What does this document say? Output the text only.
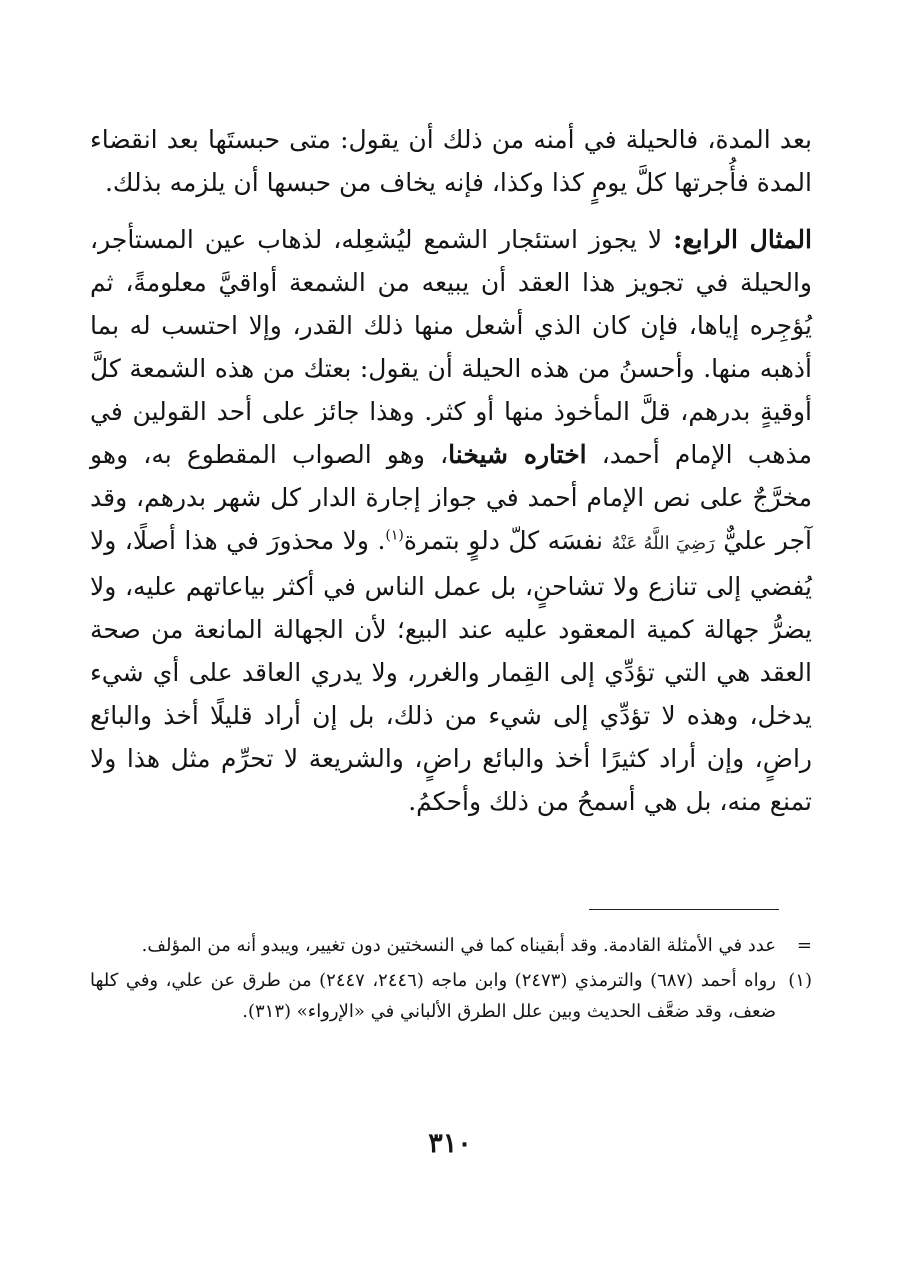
بعد المدة، فالحيلة في أمنه من ذلك أن يقول: متى حبستَها بعد انقضاء المدة فأُجرتها كلَّ يومٍ كذا وكذا، فإنه يخاف من حبسها أن يلزمه بذلك.

المثال الرابع: لا يجوز استئجار الشمع ليُشعِله، لذهاب عين المستأجر، والحيلة في تجويز هذا العقد أن يبيعه من الشمعة أواقيَّ معلومةً، ثم يُؤجِره إياها، فإن كان الذي أشعل منها ذلك القدر، وإلا احتسب له بما أذهبه منها. وأحسنُ من هذه الحيلة أن يقول: بعتك من هذه الشمعة كلَّ أوقيةٍ بدرهم، قلَّ المأخوذ منها أو كثر. وهذا جائز على أحد القولين في مذهب الإمام أحمد، اختاره شيخنا، وهو الصواب المقطوع به، وهو مخرَّجٌ على نص الإمام أحمد في جواز إجارة الدار كل شهر بدرهم، وقد آجر عليٌّ رَضِيَ اللَّهُ عَنْهُ نفسَه كلّ دلوٍ بتمرة$^{(١)}$. ولا محذورَ في هذا أصلًا، ولا يُفضي إلى تنازع ولا تشاحنٍ، بل عمل الناس في أكثر بياعاتهم عليه، ولا يضرُّ جهالة كمية المعقود عليه عند البيع؛ لأن الجهالة المانعة من صحة العقد هي التي تؤدِّي إلى القِمار والغرر، ولا يدري العاقد على أي شيء يدخل، وهذه لا تؤدِّي إلى شيء من ذلك، بل إن أراد قليلًا أخذ والبائع راضٍ، وإن أراد كثيرًا أخذ والبائع راضٍ، والشريعة لا تحرِّم مثل هذا ولا تمنع منه، بل هي أسمحُ من ذلك وأحكمُ.

=
عدد في الأمثلة القادمة. وقد أبقيناه كما في النسختين دون تغيير، ويبدو أنه من المؤلف.
(١)
رواه أحمد (٦٨٧) والترمذي (٢٤٧٣) وابن ماجه (٢٤٤٦، ٢٤٤٧) من طرق عن علي، وفي كلها ضعف، وقد ضعَّف الحديث وبين علل الطرق الألباني في «الإرواء» (٣١٣).
٣١٠
